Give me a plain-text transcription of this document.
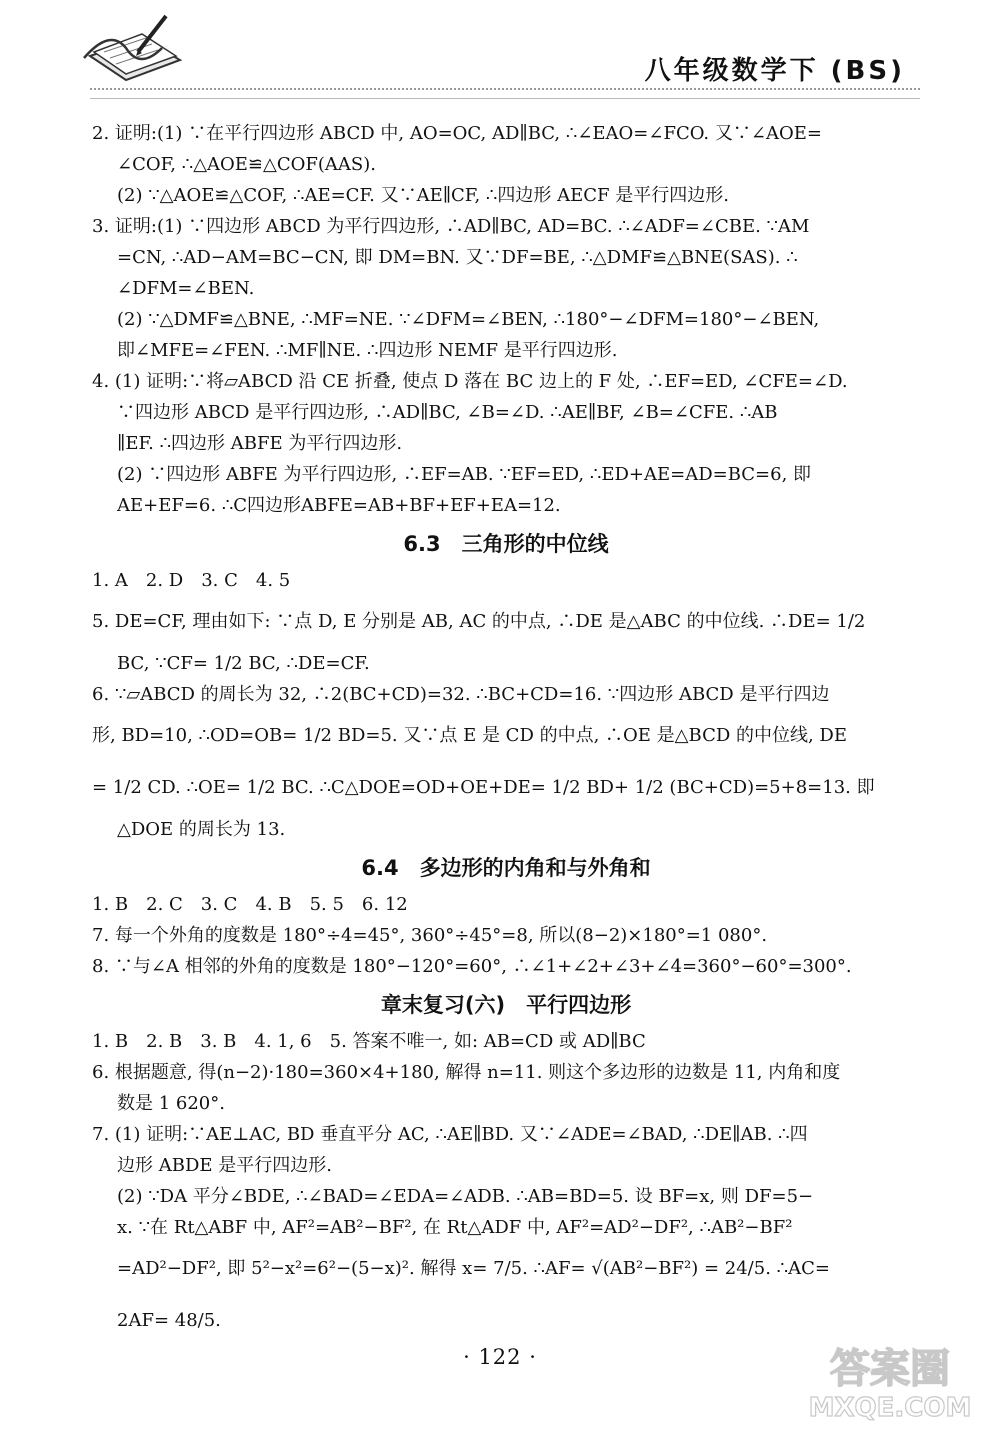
八年级数学下 (BS)
2. 证明:(1) ∵在平行四边形 ABCD 中, AO=OC, AD∥BC, ∴∠EAO=∠FCO. 又∵∠AOE=
∠COF, ∴△AOE≌△COF(AAS).
(2) ∵△AOE≌△COF, ∴AE=CF. 又∵AE∥CF, ∴四边形 AECF 是平行四边形.
3. 证明:(1) ∵四边形 ABCD 为平行四边形, ∴AD∥BC, AD=BC. ∴∠ADF=∠CBE. ∵AM
=CN, ∴AD−AM=BC−CN, 即 DM=BN. 又∵DF=BE, ∴△DMF≌△BNE(SAS). ∴
∠DFM=∠BEN.
(2) ∵△DMF≌△BNE, ∴MF=NE. ∵∠DFM=∠BEN, ∴180°−∠DFM=180°−∠BEN,
即∠MFE=∠FEN. ∴MF∥NE. ∴四边形 NEMF 是平行四边形.
4. (1) 证明:∵将▱ABCD 沿 CE 折叠, 使点 D 落在 BC 边上的 F 处, ∴EF=ED, ∠CFE=∠D.
∵四边形 ABCD 是平行四边形, ∴AD∥BC, ∠B=∠D. ∴AE∥BF, ∠B=∠CFE. ∴AB
∥EF. ∴四边形 ABFE 为平行四边形.
(2) ∵四边形 ABFE 为平行四边形, ∴EF=AB. ∵EF=ED, ∴ED+AE=AD=BC=6, 即
AE+EF=6. ∴C四边形ABFE=AB+BF+EF+EA=12.
6.3　三角形的中位线
1. A　2. D　3. C　4. 5
5. DE=CF, 理由如下: ∵点 D, E 分别是 AB, AC 的中点, ∴DE 是△ABC 的中位线. ∴DE= 1/2
BC, ∵CF= 1/2 BC, ∴DE=CF.
6. ∵▱ABCD 的周长为 32, ∴2(BC+CD)=32. ∴BC+CD=16. ∵四边形 ABCD 是平行四边
形, BD=10, ∴OD=OB= 1/2 BD=5. 又∵点 E 是 CD 的中点, ∴OE 是△BCD 的中位线, DE
= 1/2 CD. ∴OE= 1/2 BC. ∴C△DOE=OD+OE+DE= 1/2 BD+ 1/2 (BC+CD)=5+8=13. 即
△DOE 的周长为 13.
6.4　多边形的内角和与外角和
1. B　2. C　3. C　4. B　5. 5　6. 12
7. 每一个外角的度数是 180°÷4=45°, 360°÷45°=8, 所以(8−2)×180°=1 080°.
8. ∵与∠A 相邻的外角的度数是 180°−120°=60°, ∴∠1+∠2+∠3+∠4=360°−60°=300°.
章末复习(六)　平行四边形
1. B　2. B　3. B　4. 1, 6　5. 答案不唯一, 如: AB=CD 或 AD∥BC
6. 根据题意, 得(n−2)·180=360×4+180, 解得 n=11. 则这个多边形的边数是 11, 内角和度
数是 1 620°.
7. (1) 证明:∵AE⊥AC, BD 垂直平分 AC, ∴AE∥BD. 又∵∠ADE=∠BAD, ∴DE∥AB. ∴四
边形 ABDE 是平行四边形.
(2) ∵DA 平分∠BDE, ∴∠BAD=∠EDA=∠ADB. ∴AB=BD=5. 设 BF=x, 则 DF=5−
x. ∵在 Rt△ABF 中, AF²=AB²−BF², 在 Rt△ADF 中, AF²=AD²−DF², ∴AB²−BF²
=AD²−DF², 即 5²−x²=6²−(5−x)². 解得 x= 7/5. ∴AF= √(AB²−BF²) = 24/5. ∴AC=
2AF= 48/5.
· 122 ·	答案圈
MXQE.COM
